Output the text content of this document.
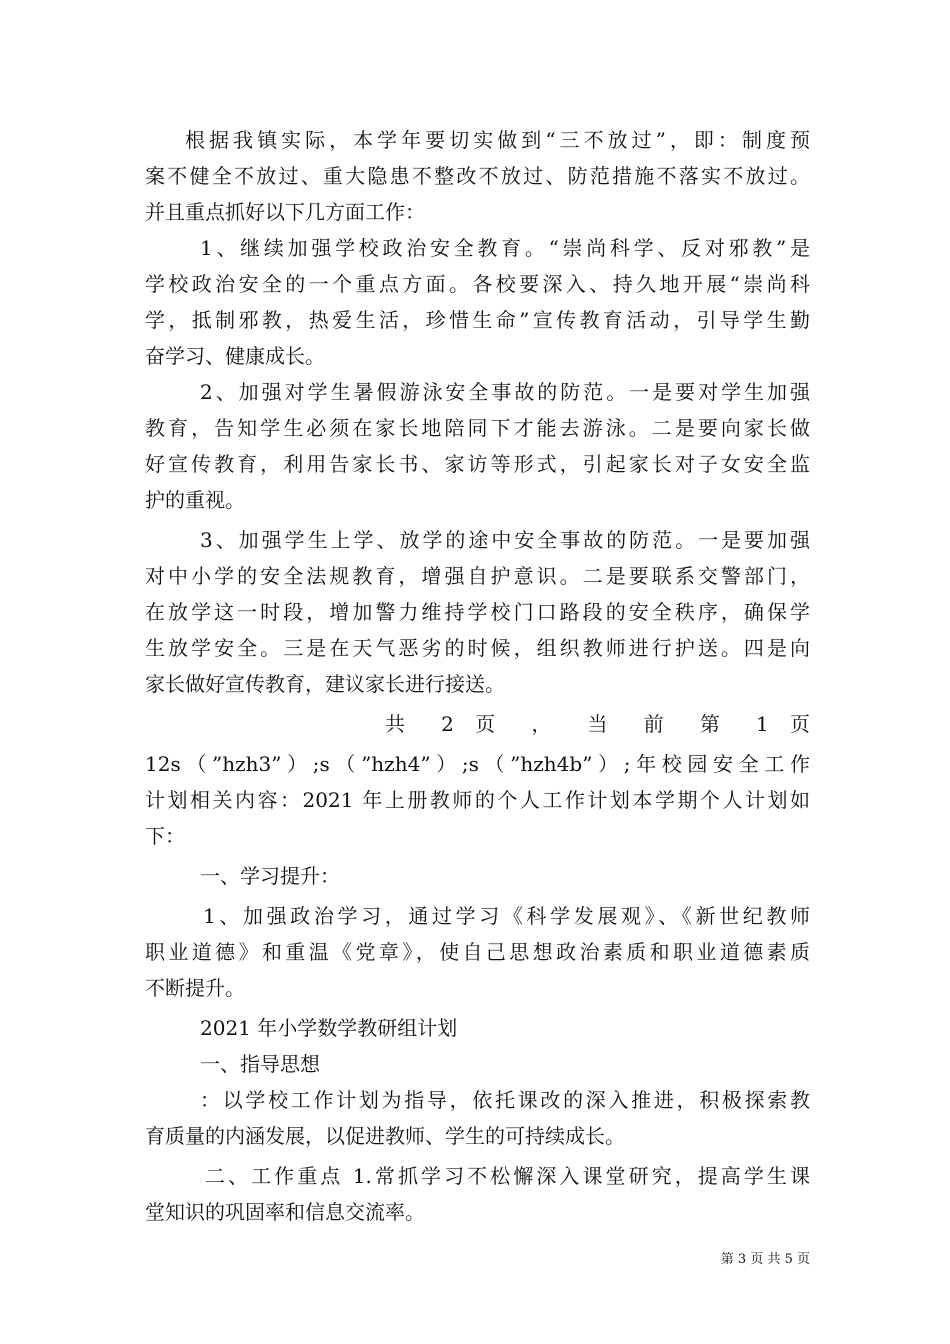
根据我镇实际，本学年要切实做到“三不放过”，即：制度预
案不健全不放过、重大隐患不整改不放过、防范措施不落实不放过。
并且重点抓好以下几方面工作：
1、继续加强学校政治安全教育。“崇尚科学、反对邪教”是
学校政治安全的一个重点方面。各校要深入、持久地开展“崇尚科
学，抵制邪教，热爱生活，珍惜生命”宣传教育活动，引导学生勤
奋学习、健康成长。
2、加强对学生暑假游泳安全事故的防范。一是要对学生加强
教育，告知学生必须在家长地陪同下才能去游泳。二是要向家长做
好宣传教育，利用告家长书、家访等形式，引起家长对子女安全监
护的重视。
3、加强学生上学、放学的途中安全事故的防范。一是要加强
对中小学的安全法规教育，增强自护意识。二是要联系交警部门，
在放学这一时段，增加警力维持学校门口路段的安全秩序，确保学
生放学安全。三是在天气恶劣的时候，组织教师进行护送。四是向
家长做好宣传教育，建议家长进行接送。
共 2 页 ， 当 前 第 1 页
12s（”hzh3”）;s（”hzh4”）;s（”hzh4b”）;年校园安全工作
计划相关内容：2021 年上册教师的个人工作计划本学期个人计划如
下：
一、学习提升：
1、加强政治学习，通过学习《科学发展观》、《新世纪教师
职业道德》和重温《党章》，使自己思想政治素质和职业道德素质
不断提升。
2021 年小学数学教研组计划
一、指导思想
：以学校工作计划为指导，依托课改的深入推进，积极探索教
育质量的内涵发展，以促进教师、学生的可持续成长。
二、工作重点 1.常抓学习不松懈深入课堂研究，提高学生课
堂知识的巩固率和信息交流率。
第 3 页 共 5 页
